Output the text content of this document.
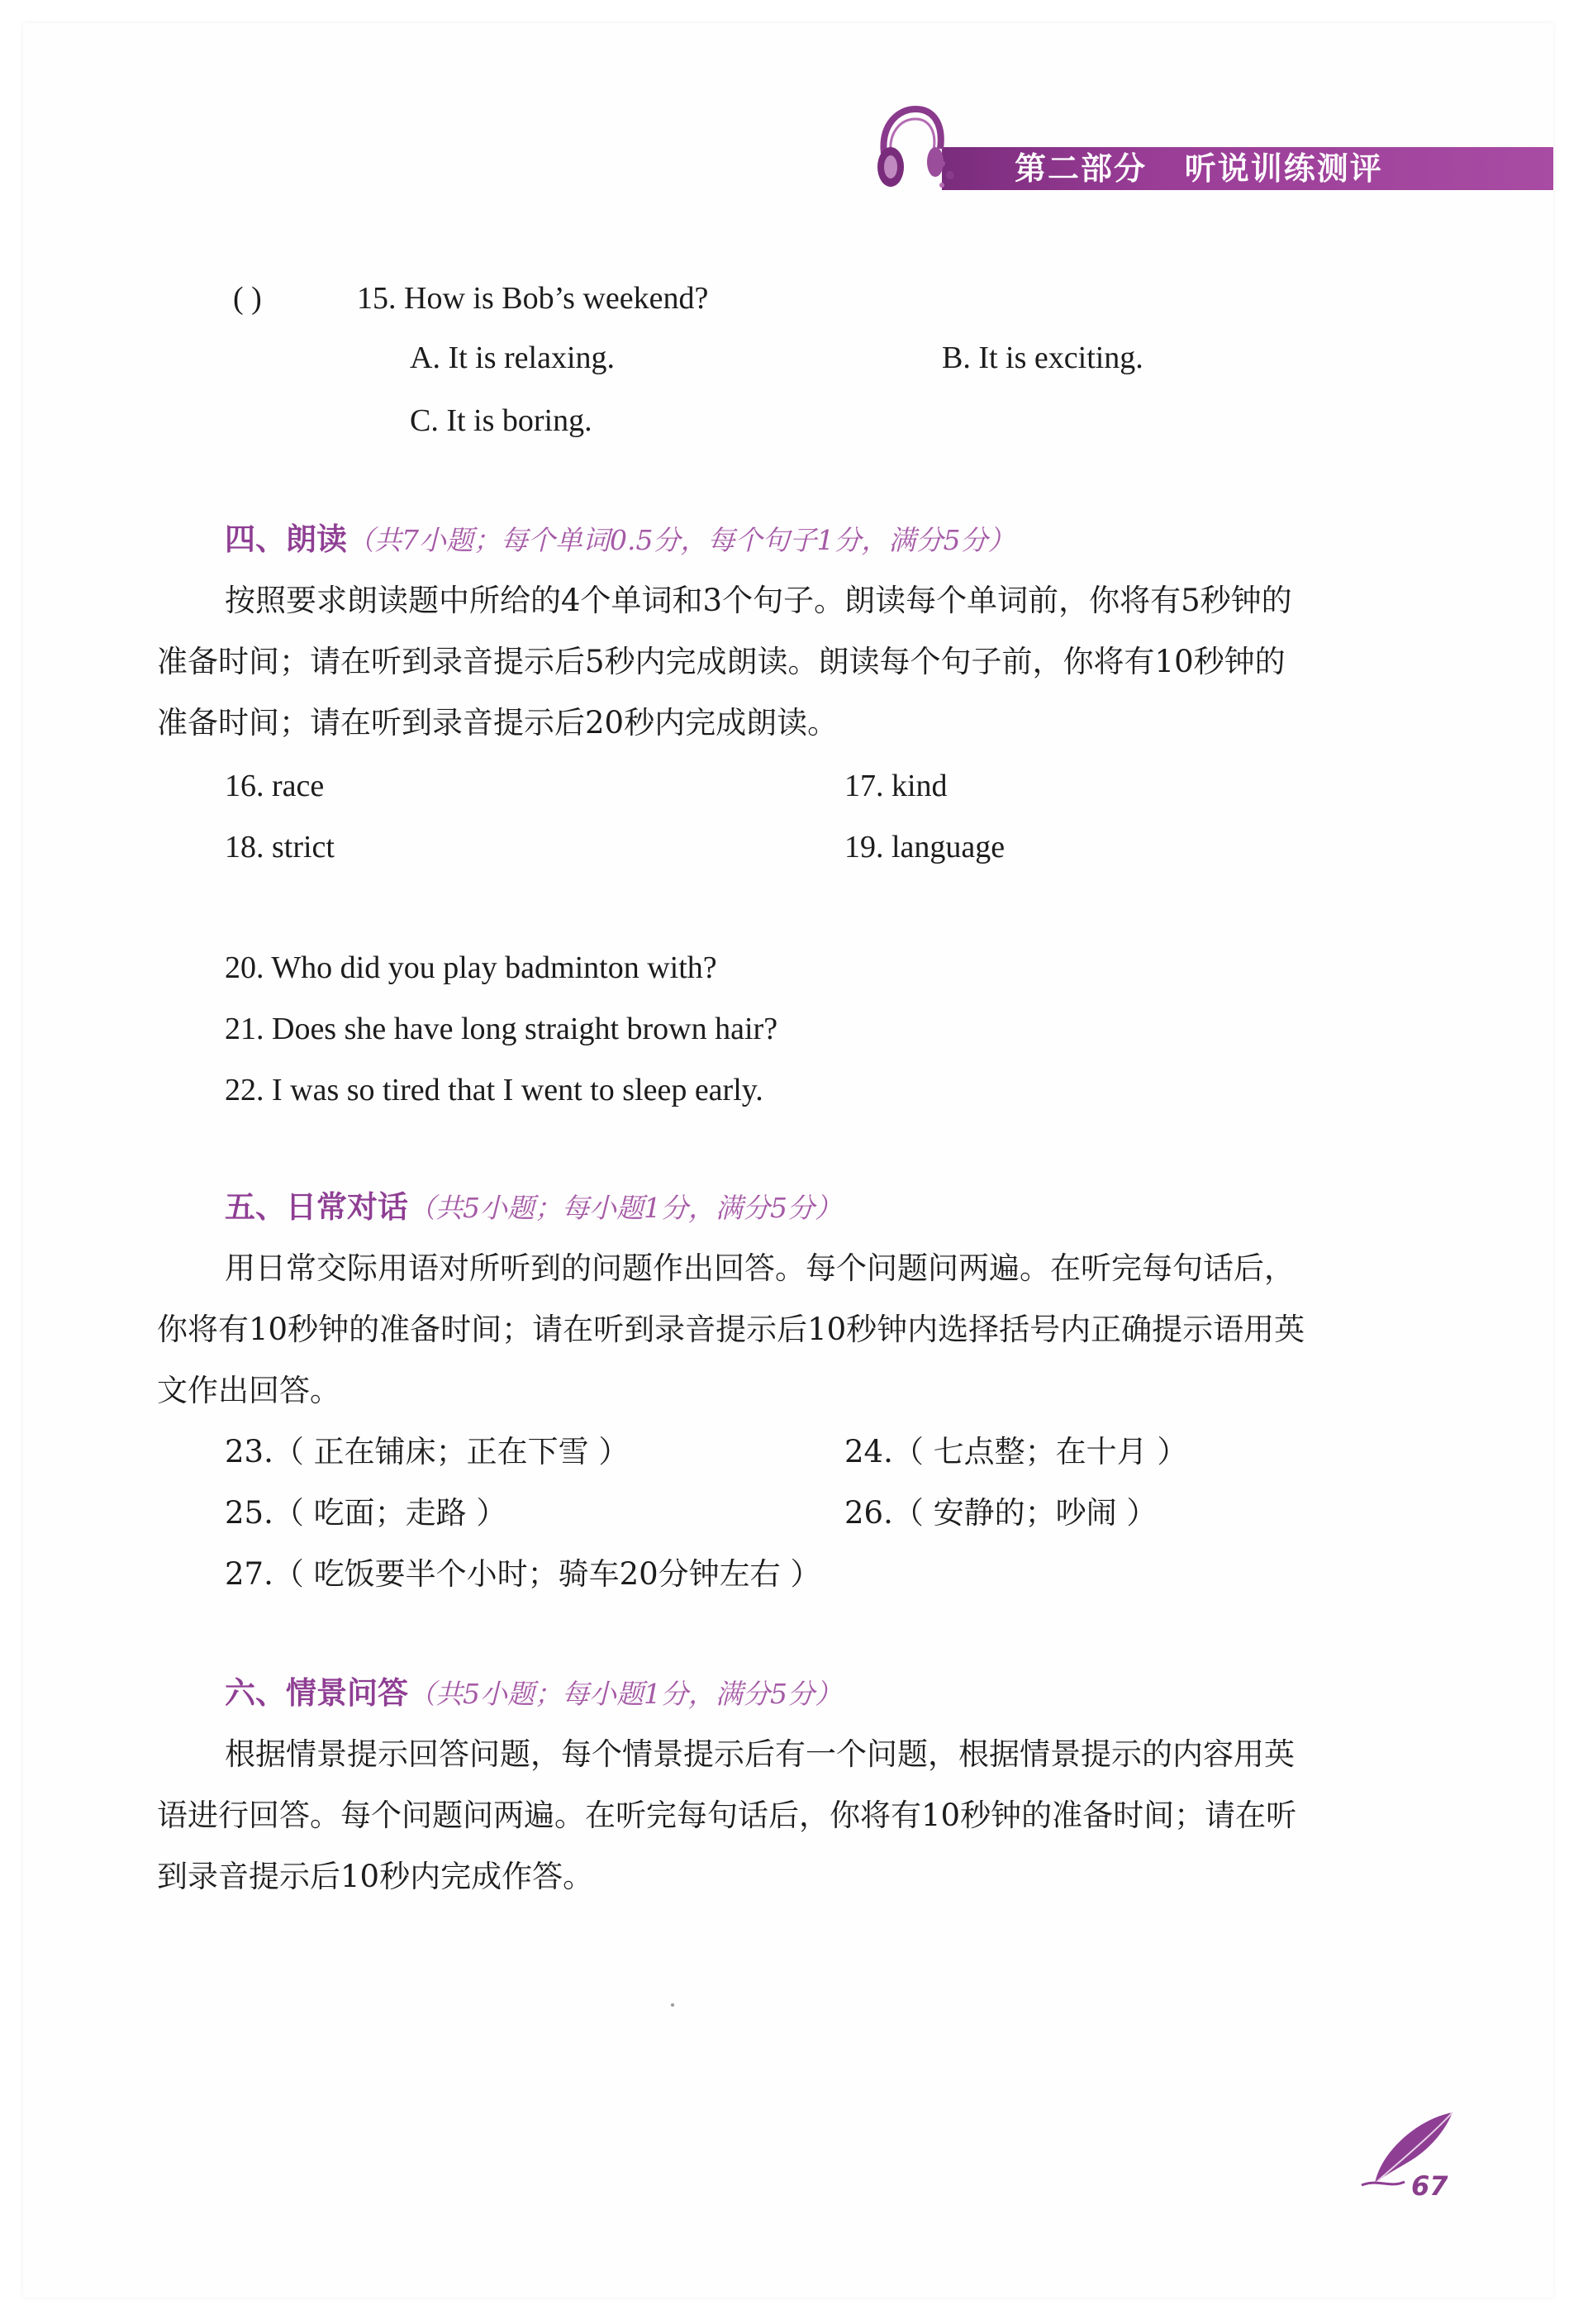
第二部分   听说训练测评
( )	15. How is Bob’s weekend?
A. It is relaxing.	B. It is exciting.
C. It is boring.
四、朗读（共7小题；每个单词0.5分，每个句子1分，满分5分）
按照要求朗读题中所给的4个单词和3个句子。朗读每个单词前，你将有5秒钟的
准备时间；请在听到录音提示后5秒内完成朗读。朗读每个句子前，你将有10秒钟的
准备时间；请在听到录音提示后20秒内完成朗读。
16. race	17. kind
18. strict	19. language
20. Who did you play badminton with?
21. Does she have long straight brown hair?
22. I was so tired that I went to sleep early.
五、日常对话（共5小题；每小题1分，满分5分）
用日常交际用语对所听到的问题作出回答。每个问题问两遍。在听完每句话后，
你将有10秒钟的准备时间；请在听到录音提示后10秒钟内选择括号内正确提示语用英
文作出回答。
23.（ 正在铺床；正在下雪 ）	24.（ 七点整；在十月 ）
25.（ 吃面；走路 ）	26.（ 安静的；吵闹 ）
27.（ 吃饭要半个小时；骑车20分钟左右 ）
六、情景问答（共5小题；每小题1分，满分5分）
根据情景提示回答问题，每个情景提示后有一个问题，根据情景提示的内容用英
语进行回答。每个问题问两遍。在听完每句话后，你将有10秒钟的准备时间；请在听
到录音提示后10秒内完成作答。
67
